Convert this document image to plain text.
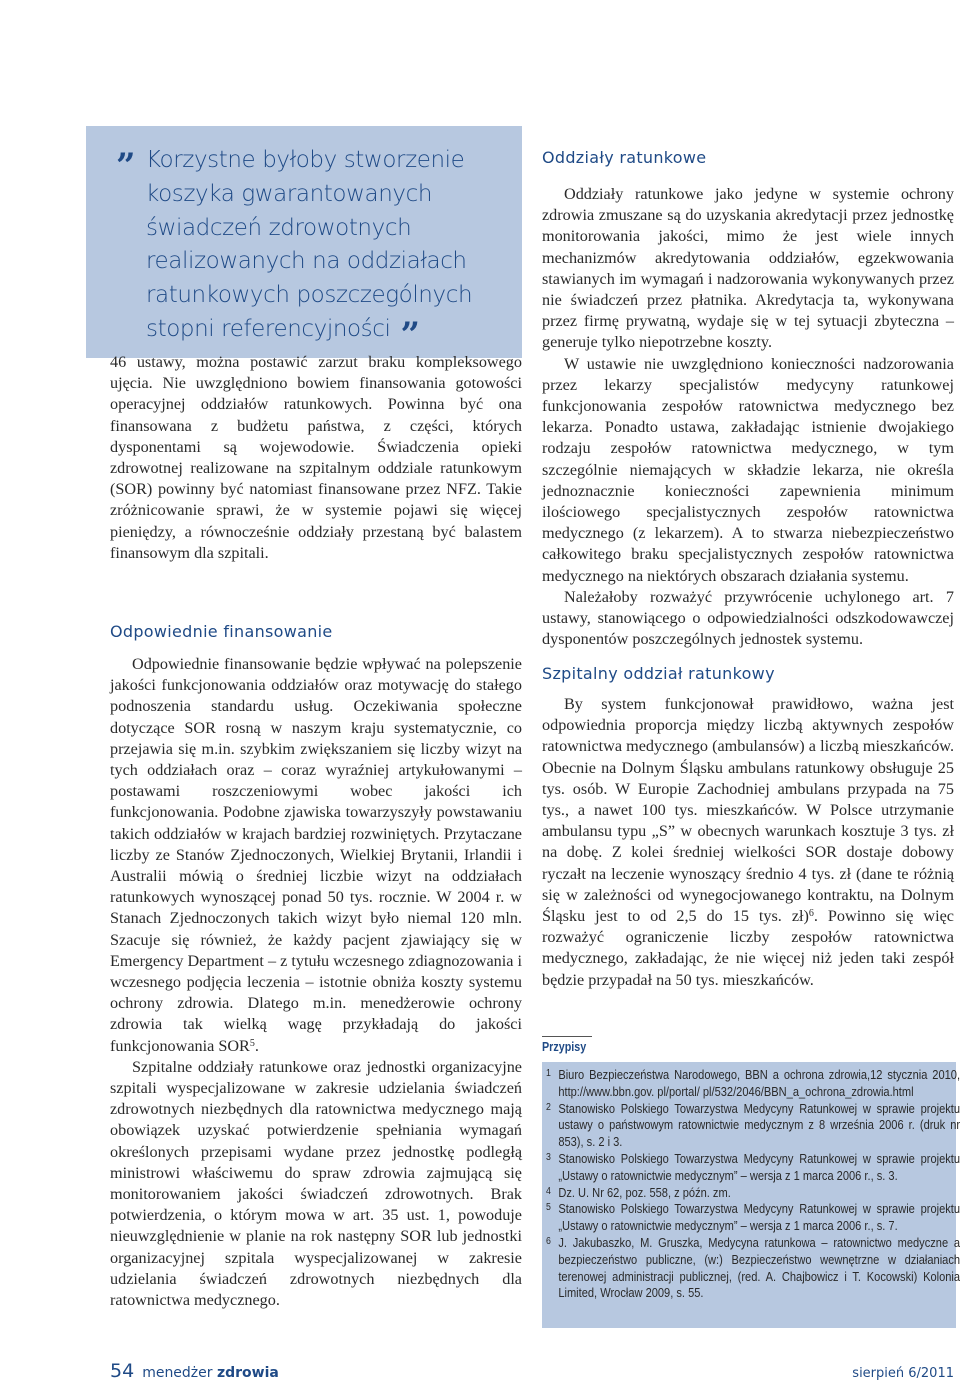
” Korzystne byłoby stworzenie
koszyka gwarantowanych
świadczeń zdrowotnych
realizowanych na oddziałach
ratunkowych poszczególnych
stopni referencyjności ”

46 ustawy, można postawić zarzut braku kompleksowego ujęcia. Nie uwzględniono bowiem finansowania gotowości operacyjnej oddziałów ratunkowych. Powinna być ona finansowana z budżetu państwa, z części, których dysponentami są wojewodowie. Świadczenia opieki zdrowotnej realizowane na szpitalnym oddziale ratunkowym (SOR) powinny być natomiast finansowane przez NFZ. Takie zróżnicowanie sprawi, że w systemie pojawi się więcej pieniędzy, a równocześnie oddziały przestaną być balastem finansowym dla szpitali.

Odpowiednie finansowanie

Odpowiednie finansowanie będzie wpływać na polepszenie jakości funkcjonowania oddziałów oraz motywację do stałego podnoszenia standardu usług. Oczekiwania społeczne dotyczące SOR rosną w naszym kraju systematycznie, co przejawia się m.in. szybkim zwiększaniem się liczby wizyt na tych oddziałach oraz – coraz wyraźniej artykułowanymi – postawami roszczeniowymi wobec jakości ich funkcjonowania. Podobne zjawiska towarzyszyły powstawaniu takich oddziałów w krajach bardziej rozwiniętych. Przytaczane liczby ze Stanów Zjednoczonych, Wielkiej Brytanii, Irlandii i Australii mówią o średniej liczbie wizyt na oddziałach ratunkowych wynoszącej ponad 50 tys. rocznie. W 2004 r. w Stanach Zjednoczonych takich wizyt było niemal 120 mln. Szacuje się również, że każdy pacjent zjawiający się w Emergency Department – z tytułu wczesnego zdiagnozowania i wczesnego podjęcia leczenia – istotnie obniża koszty systemu ochrony zdrowia. Dlatego m.in. menedżerowie ochrony zdrowia tak wielką wagę przykładają do jakości funkcjonowania SOR$^5$.

Szpitalne oddziały ratunkowe oraz jednostki organizacyjne szpitali wyspecjalizowane w zakresie udzielania świadczeń zdrowotnych niezbędnych dla ratownictwa medycznego mają obowiązek uzyskać potwierdzenie spełniania wymagań określonych przepisami wydane przez jednostkę podległą ministrowi właściwemu do spraw zdrowia zajmującą się monitorowaniem jakości świadczeń zdrowotnych. Brak potwierdzenia, o którym mowa w art. 35 ust. 1, powoduje nieuwzględnienie w planie na rok następny SOR lub jednostki organizacyjnej szpitala wyspecjalizowanej w zakresie udzielania świadczeń zdrowotnych niezbędnych dla ratownictwa medycznego.

Oddziały ratunkowe

Oddziały ratunkowe jako jedyne w systemie ochrony zdrowia zmuszane są do uzyskania akredytacji przez jednostkę monitorowania jakości, mimo że jest wiele innych mechanizmów akredytowania oddziałów, egzekwowania stawianych im wymagań i nadzorowania wykonywanych przez nie świadczeń przez płatnika. Akredytacja ta, wykonywana przez firmę prywatną, wydaje się w tej sytuacji zbyteczna – generuje tylko niepotrzebne koszty.

W ustawie nie uwzględniono konieczności nadzorowania przez lekarzy specjalistów medycyny ratunkowej funkcjonowania zespołów ratownictwa medycznego bez lekarza. Ponadto ustawa, zakładając istnienie dwojakiego rodzaju zespołów ratownictwa medycznego, w tym szczególnie niemających w składzie lekarza, nie określa jednoznacznie konieczności zapewnienia minimum ilościowego specjalistycznych zespołów ratownictwa medycznego (z lekarzem). A to stwarza niebezpieczeństwo całkowitego braku specjalistycznych zespołów ratownictwa medycznego na niektórych obszarach działania systemu.

Należałoby rozważyć przywrócenie uchylonego art. 7 ustawy, stanowiącego o odpowiedzialności odszkodowawczej dysponentów poszczególnych jednostek systemu.

Szpitalny oddział ratunkowy

By system funkcjonował prawidłowo, ważna jest odpowiednia proporcja między liczbą aktywnych zespołów ratownictwa medycznego (ambulansów) a liczbą mieszkańców. Obecnie na Dolnym Śląsku ambulans ratunkowy obsługuje 25 tys. osób. W Europie Zachodniej ambulans przypada na 75 tys., a nawet 100 tys. mieszkańców. W Polsce utrzymanie ambulansu typu „S” w obecnych warunkach kosztuje 3 tys. zł na dobę. Z kolei średniej wielkości SOR dostaje dobowy ryczałt na leczenie wynoszący średnio 4 tys. zł (dane te różnią się w zależności od wynegocjowanego kontraktu, na Dolnym Śląsku jest to od 2,5 do 15 tys. zł)$^6$. Powinno się więc rozważyć ograniczenie liczby zespołów ratownictwa medycznego, zakładając, że nie więcej niż jeden taki zespół będzie przypadał na 50 tys. mieszkańców.

Przypisy
1 Biuro Bezpieczeństwa Narodowego, BBN a ochrona zdrowia,12 stycznia 2010, http://www.bbn.gov. pl/portal/ pl/532/2046/BBN_a_ochrona_zdrowia.html
2 Stanowisko Polskiego Towarzystwa Medycyny Ratunkowej w sprawie projektu ustawy o państwowym ratownictwie medycznym z 8 września 2006 r. (druk nr 853), s. 2 i 3.
3 Stanowisko Polskiego Towarzystwa Medycyny Ratunkowej w sprawie projektu „Ustawy o ratownictwie medycznym” – wersja z 1 marca 2006 r., s. 3.
4 Dz. U. Nr 62, poz. 558, z późn. zm.
5 Stanowisko Polskiego Towarzystwa Medycyny Ratunkowej w sprawie projektu „Ustawy o ratownictwie medycznym” – wersja z 1 marca 2006 r., s. 7.
6 J. Jakubaszko, M. Gruszka, Medycyna ratunkowa – ratownictwo medyczne a bezpieczeństwo publiczne, (w:) Bezpieczeństwo wewnętrzne w działaniach terenowej administracji publicznej, (red. A. Chajbowicz i T. Kocowski) Kolonia Limited, Wrocław 2009, s. 55.
54 menedżer zdrowia	sierpień 6/2011
